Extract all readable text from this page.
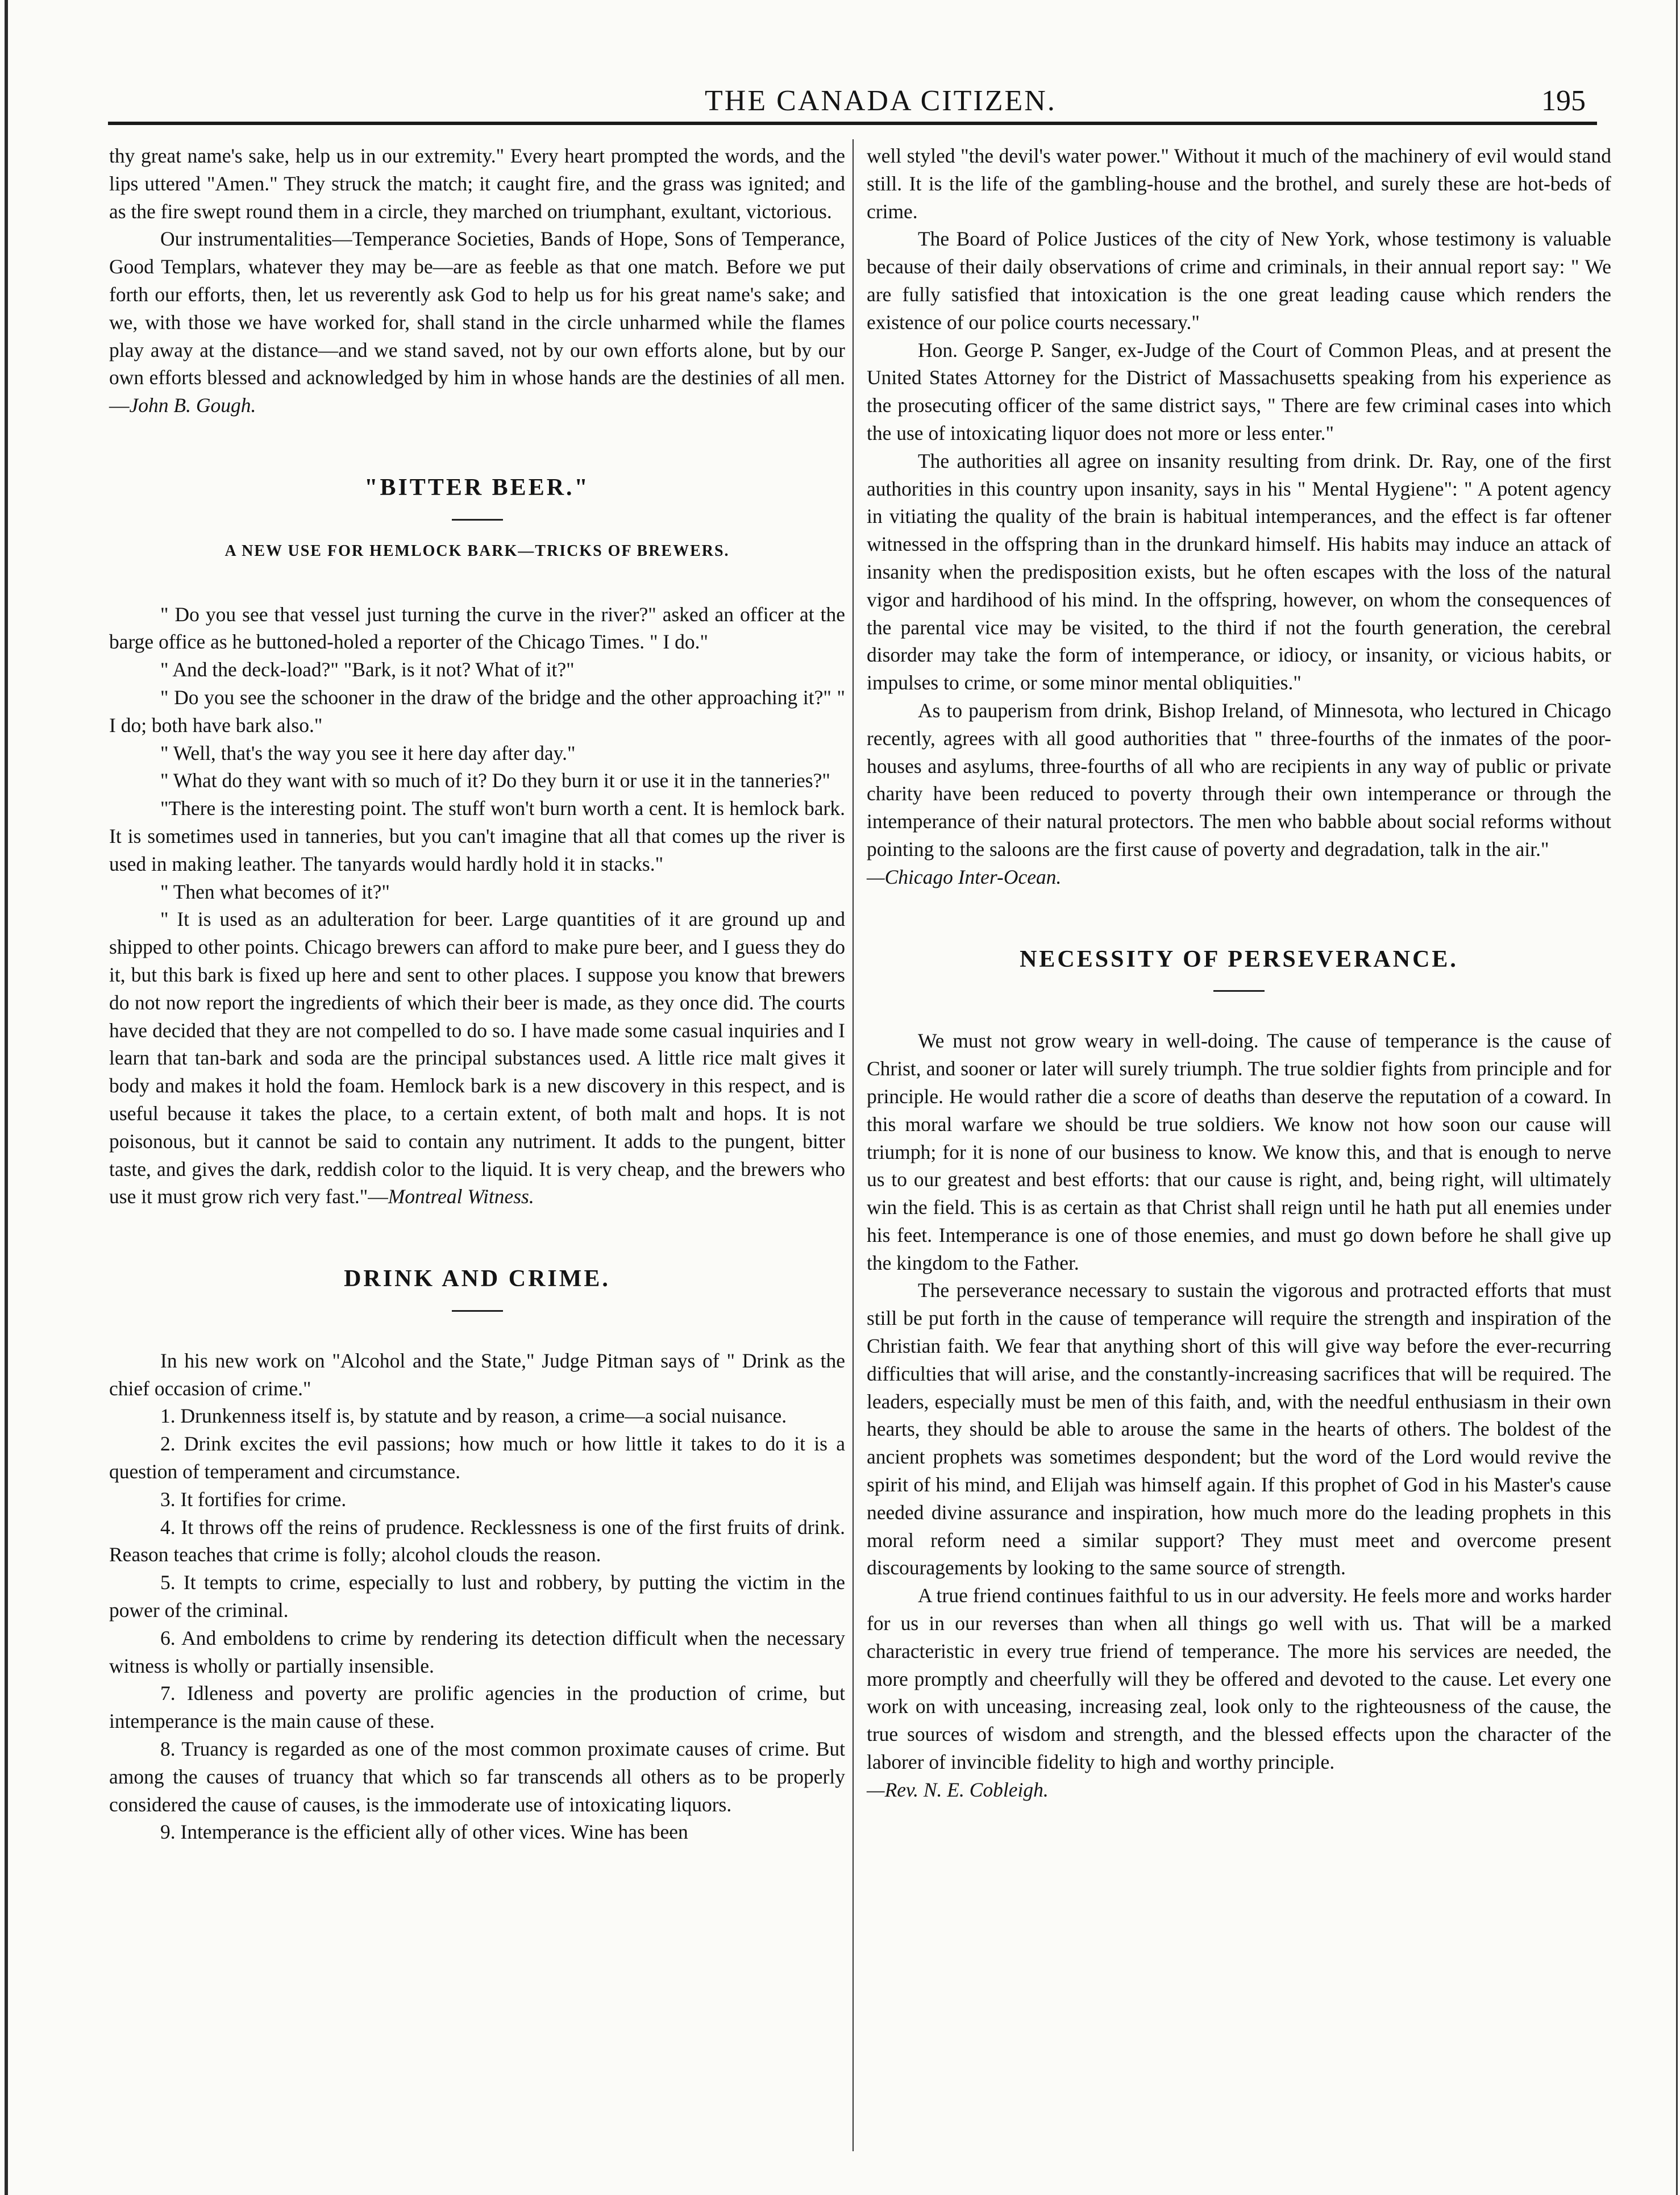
THE CANADA CITIZEN.	195

thy great name's sake, help us in our extremity." Every heart prompted the words, and the lips uttered "Amen." They struck the match; it caught fire, and the grass was ignited; and as the fire swept round them in a circle, they marched on triumphant, exultant, victorious.

Our instrumentalities—Temperance Societies, Bands of Hope, Sons of Temperance, Good Templars, whatever they may be—are as feeble as that one match. Before we put forth our efforts, then, let us reverently ask God to help us for his great name's sake; and we, with those we have worked for, shall stand in the circle unharmed while the flames play away at the distance—and we stand saved, not by our own efforts alone, but by our own efforts blessed and acknowledged by him in whose hands are the destinies of all men.—John B. Gough.

"BITTER BEER."
A NEW USE FOR HEMLOCK BARK—TRICKS OF BREWERS.

" Do you see that vessel just turning the curve in the river?" asked an officer at the barge office as he buttoned-holed a reporter of the Chicago Times. " I do."

" And the deck-load?" "Bark, is it not? What of it?"

" Do you see the schooner in the draw of the bridge and the other approaching it?" " I do; both have bark also."

" Well, that's the way you see it here day after day."

" What do they want with so much of it? Do they burn it or use it in the tanneries?"

"There is the interesting point. The stuff won't burn worth a cent. It is hemlock bark. It is sometimes used in tanneries, but you can't imagine that all that comes up the river is used in making leather. The tanyards would hardly hold it in stacks."

" Then what becomes of it?"

" It is used as an adulteration for beer. Large quantities of it are ground up and shipped to other points. Chicago brewers can afford to make pure beer, and I guess they do it, but this bark is fixed up here and sent to other places. I suppose you know that brewers do not now report the ingredients of which their beer is made, as they once did. The courts have decided that they are not compelled to do so. I have made some casual inquiries and I learn that tan-bark and soda are the principal substances used. A little rice malt gives it body and makes it hold the foam. Hemlock bark is a new discovery in this respect, and is useful because it takes the place, to a certain extent, of both malt and hops. It is not poisonous, but it cannot be said to contain any nutriment. It adds to the pungent, bitter taste, and gives the dark, reddish color to the liquid. It is very cheap, and the brewers who use it must grow rich very fast."—Montreal Witness.

DRINK AND CRIME.

In his new work on "Alcohol and the State," Judge Pitman says of " Drink as the chief occasion of crime."

1. Drunkenness itself is, by statute and by reason, a crime—a social nuisance.

2. Drink excites the evil passions; how much or how little it takes to do it is a question of temperament and circumstance.

3. It fortifies for crime.

4. It throws off the reins of prudence. Recklessness is one of the first fruits of drink. Reason teaches that crime is folly; alcohol clouds the reason.

5. It tempts to crime, especially to lust and robbery, by putting the victim in the power of the criminal.

6. And emboldens to crime by rendering its detection difficult when the necessary witness is wholly or partially insensible.

7. Idleness and poverty are prolific agencies in the production of crime, but intemperance is the main cause of these.

8. Truancy is regarded as one of the most common proximate causes of crime. But among the causes of truancy that which so far transcends all others as to be properly considered the cause of causes, is the immoderate use of intoxicating liquors.

9. Intemperance is the efficient ally of other vices. Wine has been

well styled "the devil's water power." Without it much of the machinery of evil would stand still. It is the life of the gambling-house and the brothel, and surely these are hot-beds of crime.

The Board of Police Justices of the city of New York, whose testimony is valuable because of their daily observations of crime and criminals, in their annual report say: " We are fully satisfied that intoxication is the one great leading cause which renders the existence of our police courts necessary."

Hon. George P. Sanger, ex-Judge of the Court of Common Pleas, and at present the United States Attorney for the District of Massachusetts speaking from his experience as the prosecuting officer of the same district says, " There are few criminal cases into which the use of intoxicating liquor does not more or less enter."

The authorities all agree on insanity resulting from drink. Dr. Ray, one of the first authorities in this country upon insanity, says in his " Mental Hygiene": " A potent agency in vitiating the quality of the brain is habitual intemperances, and the effect is far oftener witnessed in the offspring than in the drunkard himself. His habits may induce an attack of insanity when the predisposition exists, but he often escapes with the loss of the natural vigor and hardihood of his mind. In the offspring, however, on whom the consequences of the parental vice may be visited, to the third if not the fourth generation, the cerebral disorder may take the form of intemperance, or idiocy, or insanity, or vicious habits, or impulses to crime, or some minor mental obliquities."

As to pauperism from drink, Bishop Ireland, of Minnesota, who lectured in Chicago recently, agrees with all good authorities that " three-fourths of the inmates of the poor-houses and asylums, three-fourths of all who are recipients in any way of public or private charity have been reduced to poverty through their own intemperance or through the intemperance of their natural protectors. The men who babble about social reforms without pointing to the saloons are the first cause of poverty and degradation, talk in the air."

—Chicago Inter-Ocean.

NECESSITY OF PERSEVERANCE.

We must not grow weary in well-doing. The cause of temperance is the cause of Christ, and sooner or later will surely triumph. The true soldier fights from principle and for principle. He would rather die a score of deaths than deserve the reputation of a coward. In this moral warfare we should be true soldiers. We know not how soon our cause will triumph; for it is none of our business to know. We know this, and that is enough to nerve us to our greatest and best efforts: that our cause is right, and, being right, will ultimately win the field. This is as certain as that Christ shall reign until he hath put all enemies under his feet. Intemperance is one of those enemies, and must go down before he shall give up the kingdom to the Father.

The perseverance necessary to sustain the vigorous and protracted efforts that must still be put forth in the cause of temperance will require the strength and inspiration of the Christian faith. We fear that anything short of this will give way before the ever-recurring difficulties that will arise, and the constantly-increasing sacrifices that will be required. The leaders, especially must be men of this faith, and, with the needful enthusiasm in their own hearts, they should be able to arouse the same in the hearts of others. The boldest of the ancient prophets was sometimes despondent; but the word of the Lord would revive the spirit of his mind, and Elijah was himself again. If this prophet of God in his Master's cause needed divine assurance and inspiration, how much more do the leading prophets in this moral reform need a similar support? They must meet and overcome present discouragements by looking to the same source of strength.

A true friend continues faithful to us in our adversity. He feels more and works harder for us in our reverses than when all things go well with us. That will be a marked characteristic in every true friend of temperance. The more his services are needed, the more promptly and cheerfully will they be offered and devoted to the cause. Let every one work on with unceasing, increasing zeal, look only to the righteousness of the cause, the true sources of wisdom and strength, and the blessed effects upon the character of the laborer of invincible fidelity to high and worthy principle.

—Rev. N. E. Cobleigh.
